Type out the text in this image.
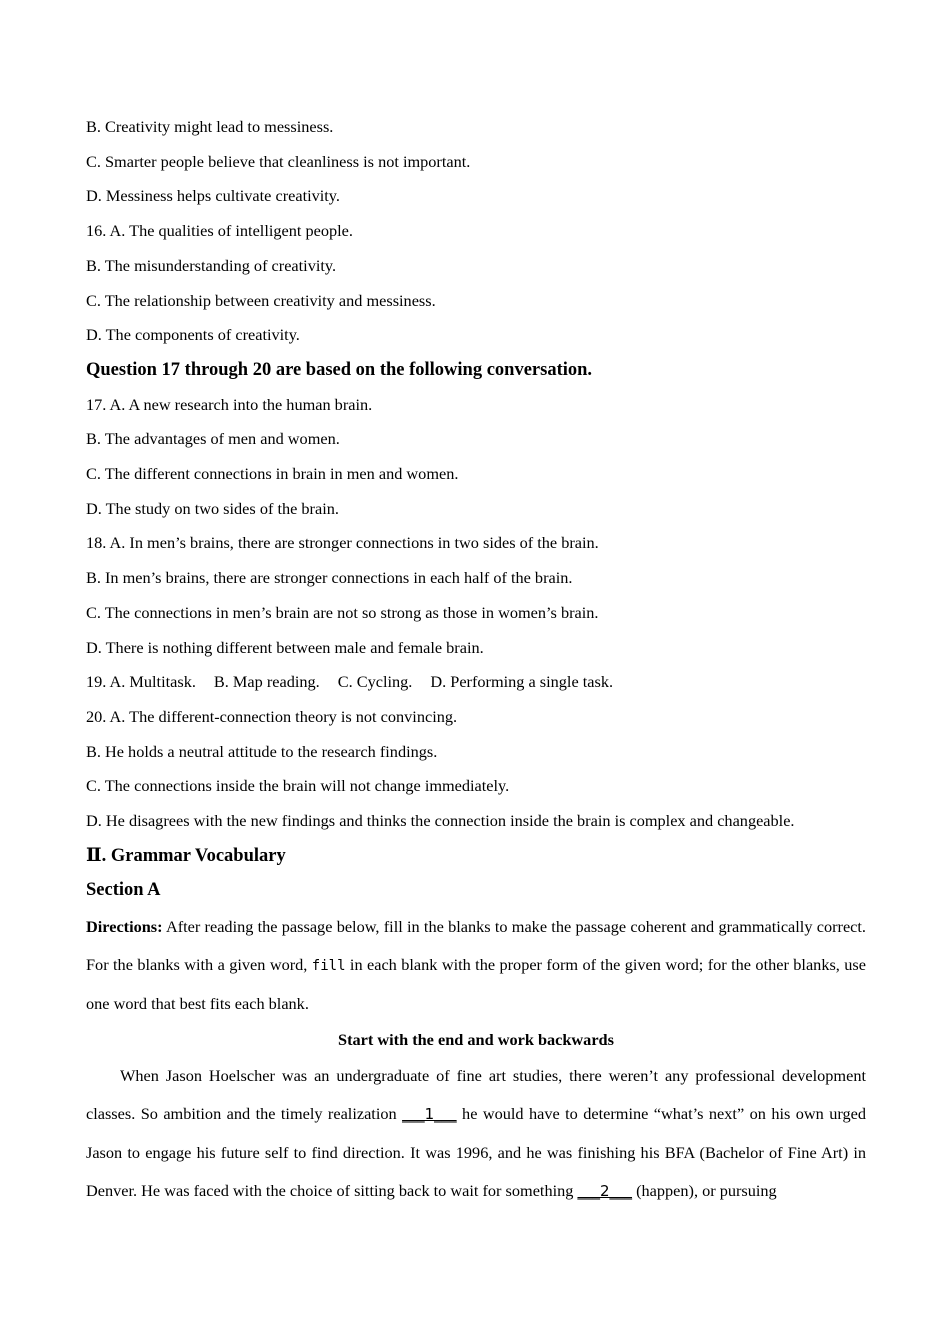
B. Creativity might lead to messiness.
C. Smarter people believe that cleanliness is not important.
D. Messiness helps cultivate creativity.
16. A. The qualities of intelligent people.
B. The misunderstanding of creativity.
C. The relationship between creativity and messiness.
D. The components of creativity.
Question 17 through 20 are based on the following conversation.
17. A. A new research into the human brain.
B. The advantages of men and women.
C. The different connections in brain in men and women.
D. The study on two sides of the brain.
18. A. In men’s brains, there are stronger connections in two sides of the brain.
B. In men’s brains, there are stronger connections in each half of the brain.
C. The connections in men’s brain are not so strong as those in women’s brain.
D. There is nothing different between male and female brain.
19. A. Multitask. B. Map reading. C. Cycling. D. Performing a single task.
20. A. The different-connection theory is not convincing.
B. He holds a neutral attitude to the research findings.
C. The connections inside the brain will not change immediately.
D. He disagrees with the new findings and thinks the connection inside the brain is complex and changeable.
Ⅱ. Grammar Vocabulary
Section A
Directions: After reading the passage below, fill in the blanks to make the passage coherent and grammatically correct. For the blanks with a given word, fill in each blank with the proper form of the given word; for the other blanks, use one word that best fits each blank.
Start with the end and work backwards
When Jason Hoelscher was an undergraduate of fine art studies, there weren’t any professional development classes. So ambition and the timely realization ___1___ he would have to determine “what’s next” on his own urged Jason to engage his future self to find direction. It was 1996, and he was finishing his BFA (Bachelor of Fine Art) in Denver. He was faced with the choice of sitting back to wait for something ___2___ (happen), or pursuing
